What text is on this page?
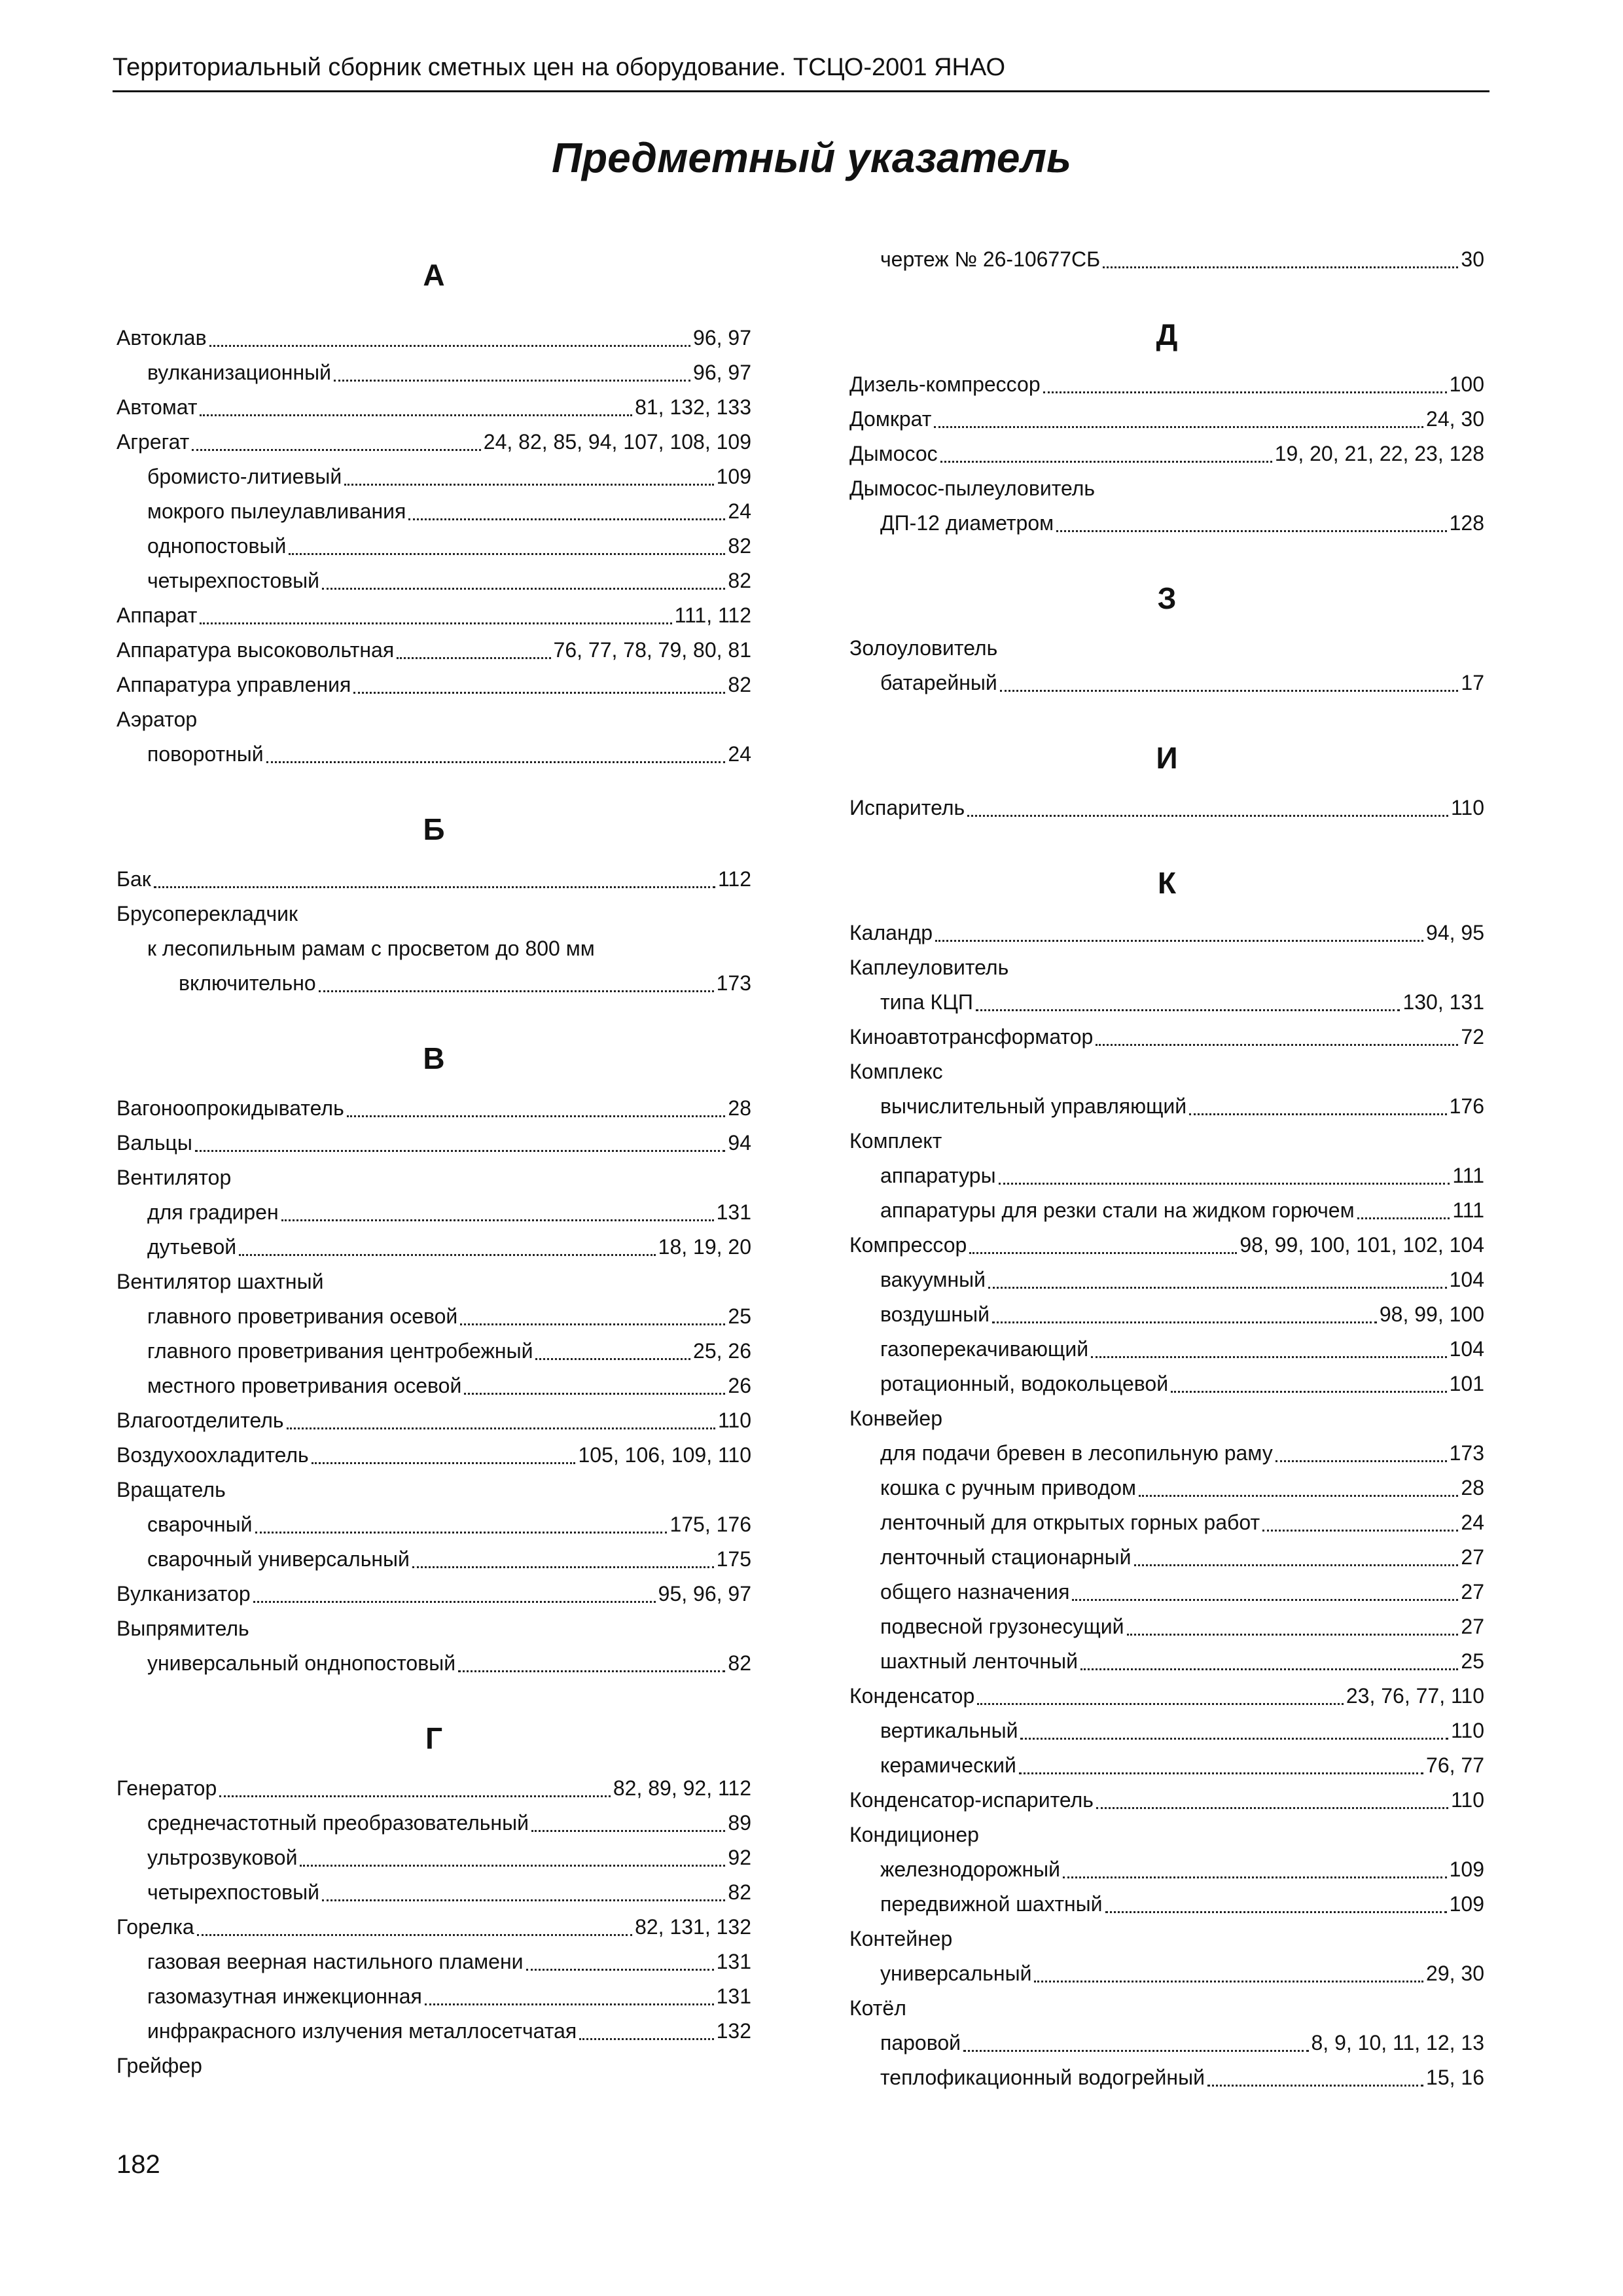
Территориальный сборник сметных цен на оборудование. ТСЦО-2001 ЯНАО
Предметный указатель
А
Автоклав	96, 97
вулканизационный	96, 97
Автомат	81, 132, 133
Агрегат	24, 82, 85, 94, 107, 108, 109
бромисто-литиевый	109
мокрого пылеулавливания	24
однопостовый	82
четырехпостовый	82
Аппарат	111, 112
Аппаратура высоковольтная	76, 77, 78, 79, 80, 81
Аппаратура управления	82
Аэратор
поворотный	24
Б
Бак	112
Брусоперекладчик
к лесопильным рамам с просветом до 800 мм
включительно	173
В
Вагоноопрокидыватель	28
Вальцы	94
Вентилятор
для градирен	131
дутьевой	18, 19, 20
Вентилятор шахтный
главного проветривания осевой	25
главного проветривания центробежный	25, 26
местного проветривания осевой	26
Влагоотделитель	110
Воздухоохладитель	105, 106, 109, 110
Вращатель
сварочный	175, 176
сварочный универсальный	175
Вулканизатор	95, 96, 97
Выпрямитель
универсальный онднопостовый	82
Г
Генератор	82, 89, 92, 112
среднечастотный преобразовательный	89
ультрозвуковой	92
четырехпостовый	82
Горелка	82, 131, 132
газовая веерная настильного пламени	131
газомазутная инжекционная	131
инфракрасного излучения металлосетчатая	132
Грейфер
чертеж № 26-10677СБ	30
Д
Дизель-компрессор	100
Домкрат	24, 30
Дымосос	19, 20, 21, 22, 23, 128
Дымосос-пылеуловитель
ДП-12 диаметром	128
З
Золоуловитель
батарейный	17
И
Испаритель	110
К
Каландр	94, 95
Каплеуловитель
типа КЦП	130, 131
Киноавтотрансформатор	72
Комплекс
вычислительный управляющий	176
Комплект
аппаратуры	111
аппаратуры для резки стали на жидком горючем	111
Компрессор	98, 99, 100, 101, 102, 104
вакуумный	104
воздушный	98, 99, 100
газоперекачивающий	104
ротационный, водокольцевой	101
Конвейер
для подачи бревен в лесопильную раму	173
кошка с ручным приводом	28
ленточный для открытых горных работ	24
ленточный стационарный	27
общего назначения	27
подвесной грузонесущий	27
шахтный ленточный	25
Конденсатор	23, 76, 77, 110
вертикальный	110
керамический	76, 77
Конденсатор-испаритель	110
Кондиционер
железнодорожный	109
передвижной шахтный	109
Контейнер
универсальный	29, 30
Котёл
паровой	8, 9, 10, 11, 12, 13
теплофикационный водогрейный	15, 16
182
